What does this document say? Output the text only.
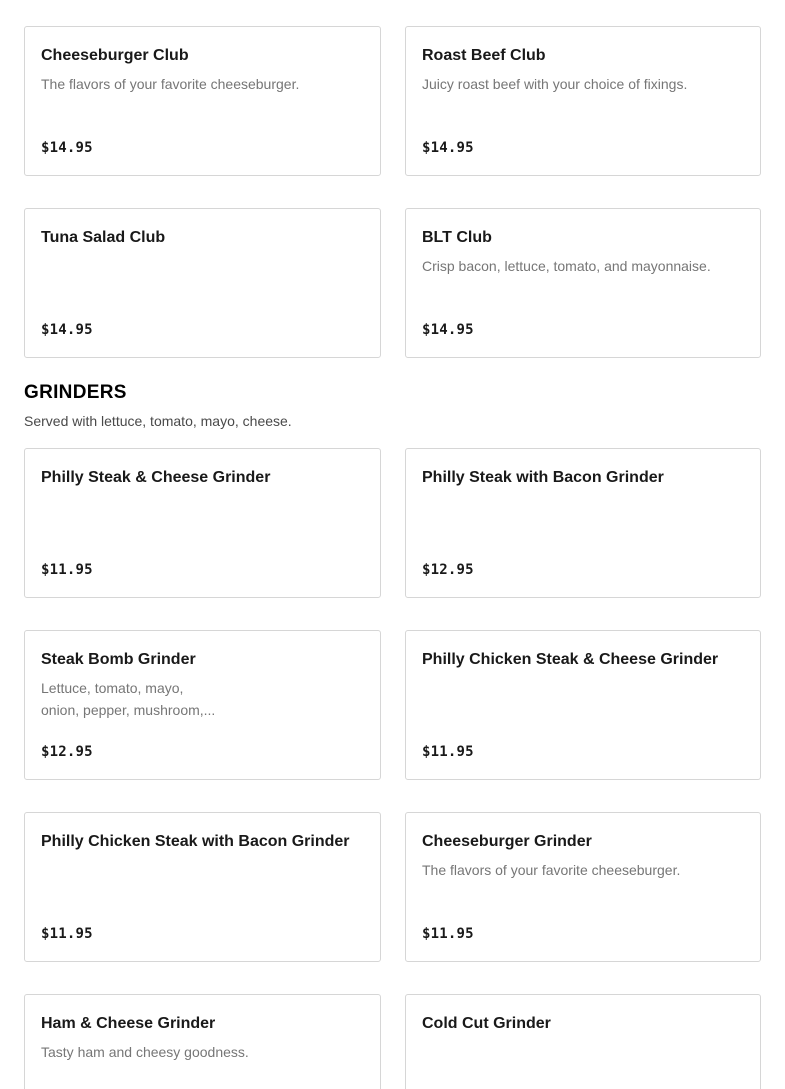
Cheeseburger Club
The flavors of your favorite cheeseburger.
$14.95
Roast Beef Club
Juicy roast beef with your choice of fixings.
$14.95
Tuna Salad Club
$14.95
BLT Club
Crisp bacon, lettuce, tomato, and mayonnaise.
$14.95
GRINDERS
Served with lettuce, tomato, mayo, cheese.
Philly Steak & Cheese Grinder
$11.95
Philly Steak with Bacon Grinder
$12.95
Steak Bomb Grinder
Lettuce, tomato, mayo, onion, pepper, mushroom,...
$12.95
Philly Chicken Steak & Cheese Grinder
$11.95
Philly Chicken Steak with Bacon Grinder
$11.95
Cheeseburger Grinder
The flavors of your favorite cheeseburger.
$11.95
Ham & Cheese Grinder
Tasty ham and cheesy goodness.
Cold Cut Grinder
